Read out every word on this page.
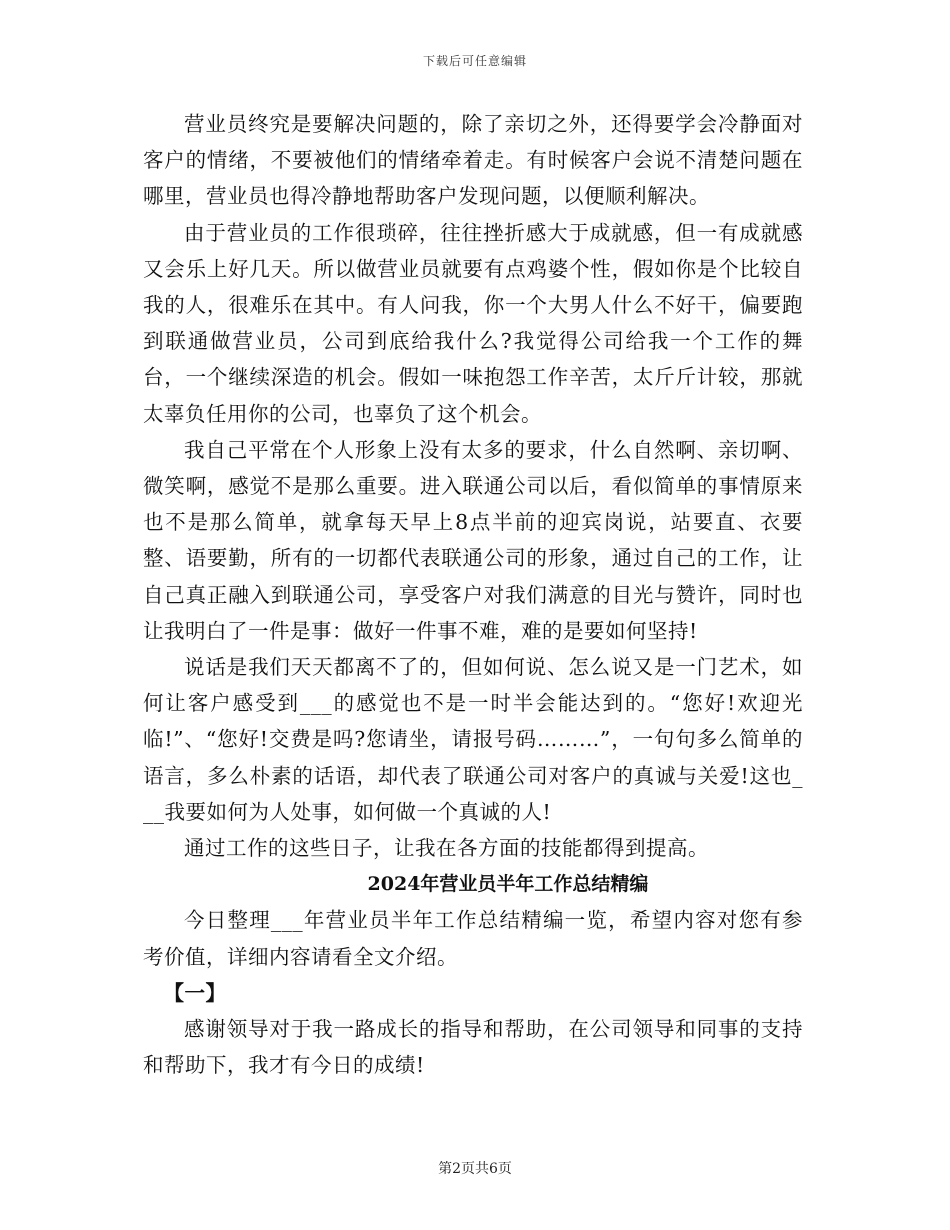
下载后可任意编辑

营业员终究是要解决问题的，除了亲切之外，还得要学会冷静面对客户的情绪，不要被他们的情绪牵着走。有时候客户会说不清楚问题在哪里，营业员也得冷静地帮助客户发现问题，以便顺利解决。

由于营业员的工作很琐碎，往往挫折感大于成就感，但一有成就感又会乐上好几天。所以做营业员就要有点鸡婆个性，假如你是个比较自我的人，很难乐在其中。有人问我，你一个大男人什么不好干，偏要跑到联通做营业员，公司到底给我什么?我觉得公司给我一个工作的舞台，一个继续深造的机会。假如一味抱怨工作辛苦，太斤斤计较，那就太辜负任用你的公司，也辜负了这个机会。

我自己平常在个人形象上没有太多的要求，什么自然啊、亲切啊、微笑啊，感觉不是那么重要。进入联通公司以后，看似简单的事情原来也不是那么简单，就拿每天早上8点半前的迎宾岗说，站要直、衣要整、语要勤，所有的一切都代表联通公司的形象，通过自己的工作，让自己真正融入到联通公司，享受客户对我们满意的目光与赞许，同时也让我明白了一件是事：做好一件事不难，难的是要如何坚持!

说话是我们天天都离不了的，但如何说、怎么说又是一门艺术，如何让客户感受到___的感觉也不是一时半会能达到的。“您好!欢迎光临!”、“您好!交费是吗?您请坐，请报号码………”，一句句多么简单的语言，多么朴素的话语，却代表了联通公司对客户的真诚与关爱!这也___我要如何为人处事，如何做一个真诚的人!

通过工作的这些日子，让我在各方面的技能都得到提高。

2024年营业员半年工作总结精编

今日整理___年营业员半年工作总结精编一览，希望内容对您有参考价值，详细内容请看全文介绍。

【一】

感谢领导对于我一路成长的指导和帮助，在公司领导和同事的支持和帮助下，我才有今日的成绩!

第2页共6页
